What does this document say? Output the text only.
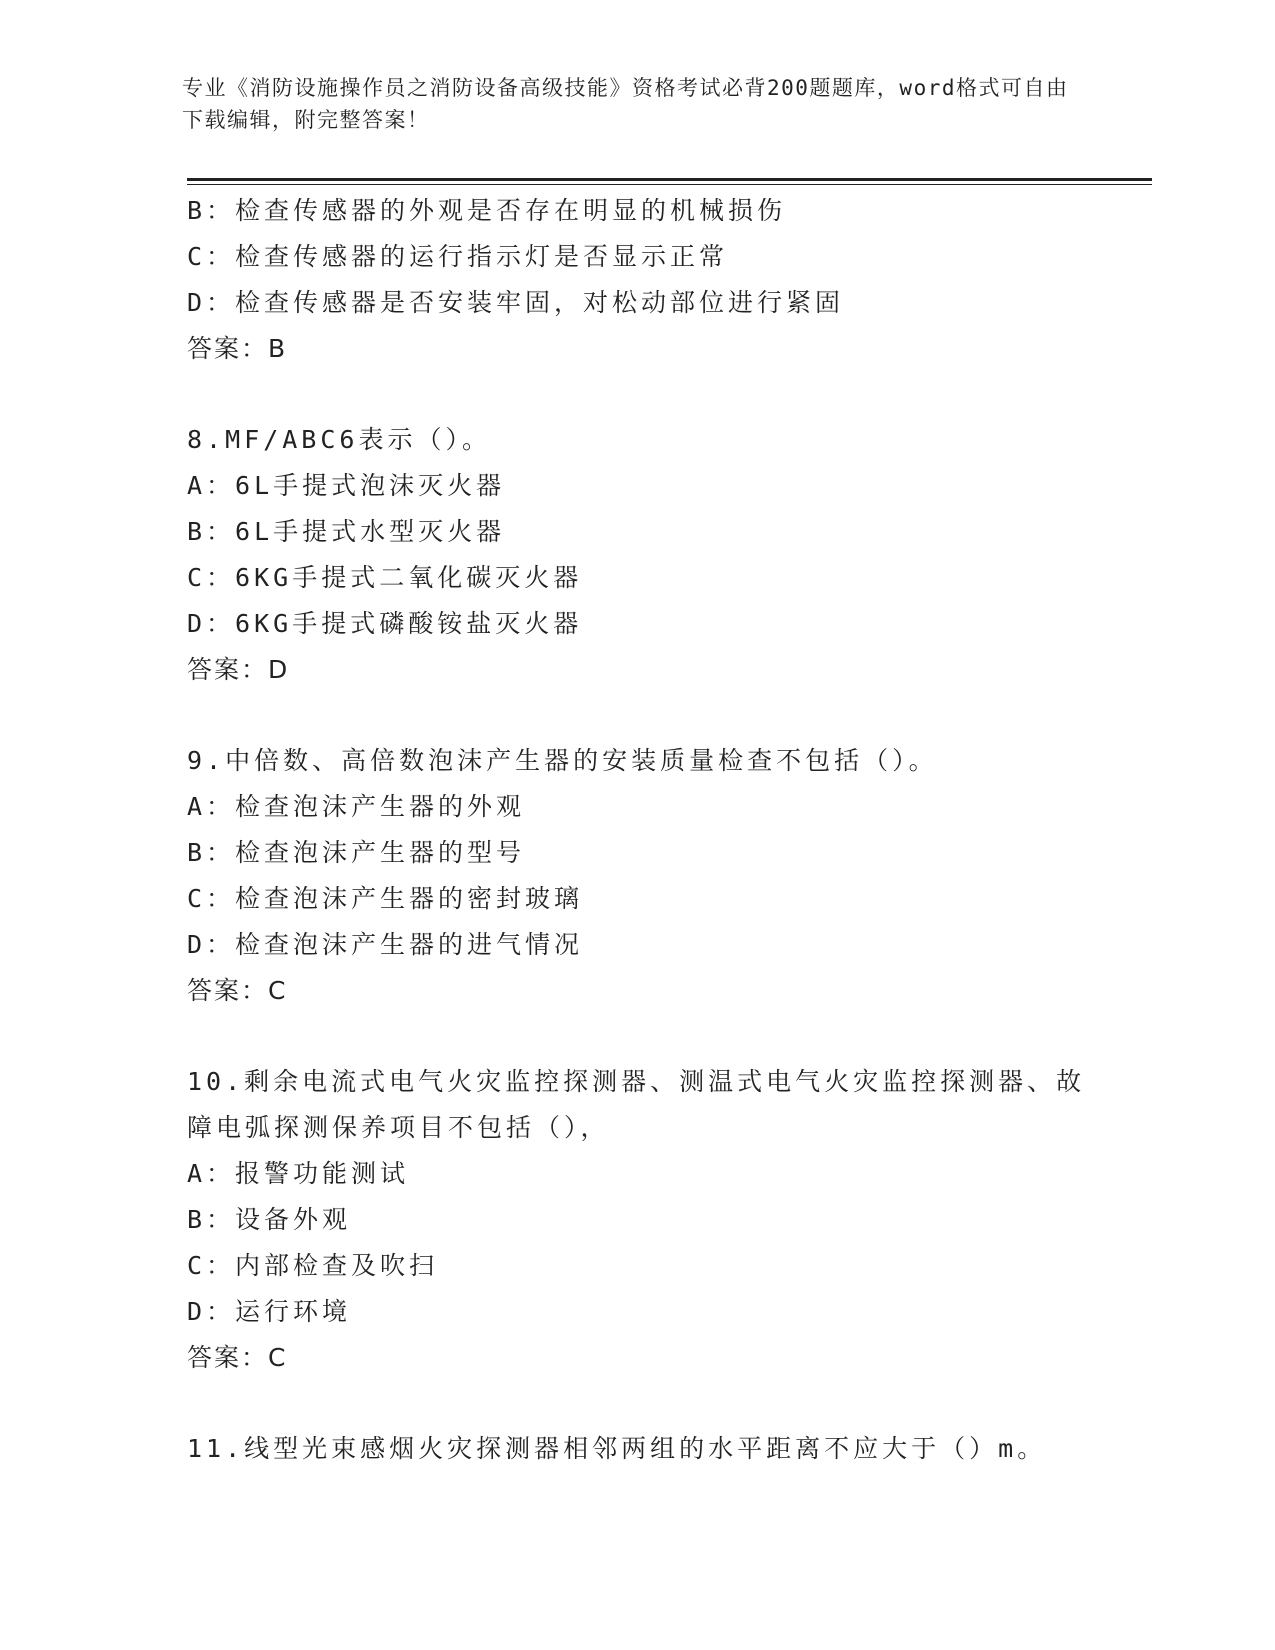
专业《消防设施操作员之消防设备高级技能》资格考试必背200题题库，word格式可自由下载编辑，附完整答案！
B：检查传感器的外观是否存在明显的机械损伤
C：检查传感器的运行指示灯是否显示正常
D：检查传感器是否安装牢固，对松动部位进行紧固
答案：B
8.MF/ABC6表示（）。
A：6L手提式泡沫灭火器
B：6L手提式水型灭火器
C：6KG手提式二氧化碳灭火器
D：6KG手提式磷酸铵盐灭火器
答案：D
9.中倍数、高倍数泡沫产生器的安装质量检查不包括（）。
A：检查泡沫产生器的外观
B：检查泡沫产生器的型号
C：检查泡沫产生器的密封玻璃
D：检查泡沫产生器的进气情况
答案：C
10.剩余电流式电气火灾监控探测器、测温式电气火灾监控探测器、故
障电弧探测保养项目不包括（），
A：报警功能测试
B：设备外观
C：内部检查及吹扫
D：运行环境
答案：C
11.线型光束感烟火灾探测器相邻两组的水平距离不应大于（）m。
